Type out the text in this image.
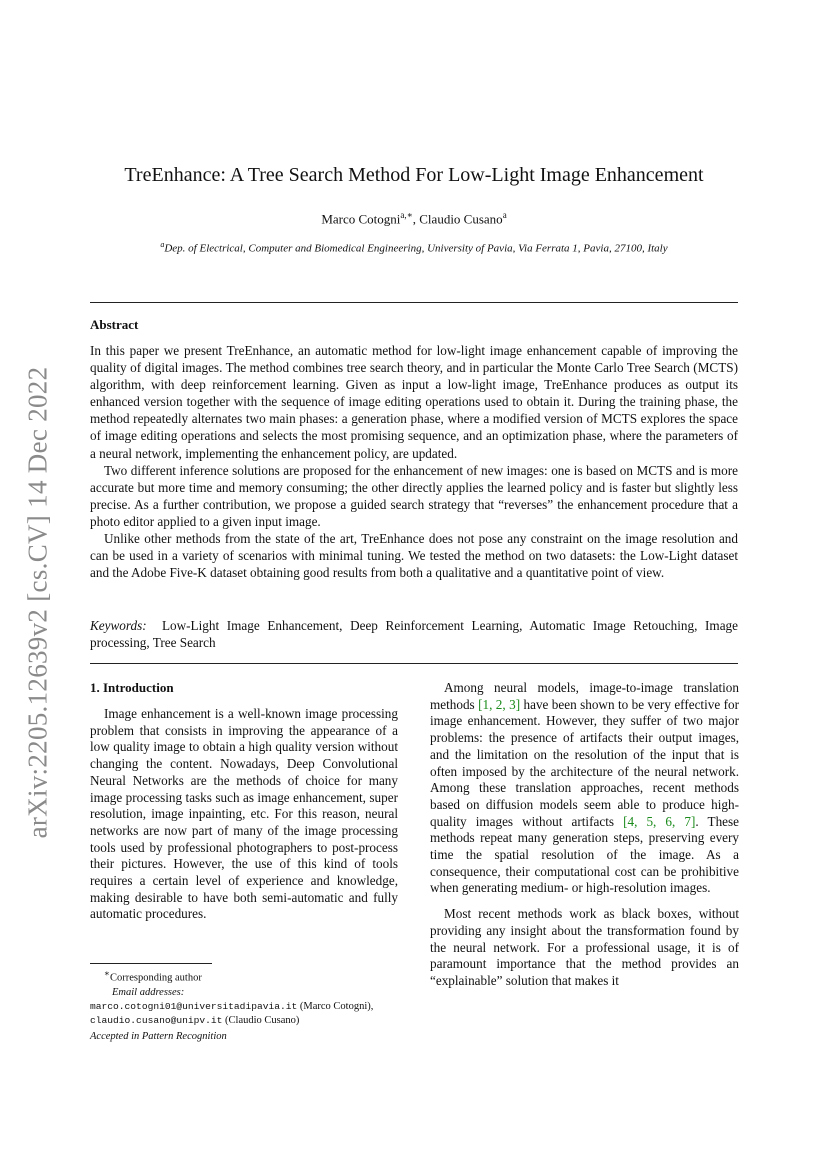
arXiv:2205.12639v2 [cs.CV] 14 Dec 2022
TreEnhance: A Tree Search Method For Low-Light Image Enhancement
Marco Cotogni$^{a,∗}$, Claudio Cusano$^a$
$^a$Dep. of Electrical, Computer and Biomedical Engineering, University of Pavia, Via Ferrata 1, Pavia, 27100, Italy
Abstract

In this paper we present TreEnhance, an automatic method for low-light image enhancement capable of improving the quality of digital images. The method combines tree search theory, and in particular the Monte Carlo Tree Search (MCTS) algorithm, with deep reinforcement learning. Given as input a low-light image, TreEnhance produces as output its enhanced version together with the sequence of image editing operations used to obtain it. During the training phase, the method repeatedly alternates two main phases: a generation phase, where a modified version of MCTS explores the space of image editing operations and selects the most promising sequence, and an optimization phase, where the parameters of a neural network, implementing the enhancement policy, are updated.

Two different inference solutions are proposed for the enhancement of new images: one is based on MCTS and is more accurate but more time and memory consuming; the other directly applies the learned policy and is faster but slightly less precise. As a further contribution, we propose a guided search strategy that “reverses” the enhancement procedure that a photo editor applied to a given input image.

Unlike other methods from the state of the art, TreEnhance does not pose any constraint on the image resolution and can be used in a variety of scenarios with minimal tuning. We tested the method on two datasets: the Low-Light dataset and the Adobe Five-K dataset obtaining good results from both a qualitative and a quantitative point of view.

Keywords: Low-Light Image Enhancement, Deep Reinforcement Learning, Automatic Image Retouching, Image processing, Tree Search
1. Introduction

Image enhancement is a well-known image processing problem that consists in improving the appearance of a low quality image to obtain a high quality version without changing the content. Nowadays, Deep Convolutional Neural Networks are the methods of choice for many image processing tasks such as image enhancement, super resolution, image inpainting, etc. For this reason, neural networks are now part of many of the image processing tools used by professional photographers to post-process their pictures. However, the use of this kind of tools requires a certain level of experience and knowledge, making desirable to have both semi-automatic and fully automatic procedures.

Among neural models, image-to-image translation methods [1, 2, 3] have been shown to be very effective for image enhancement. However, they suffer of two major problems: the presence of artifacts their output images, and the limitation on the resolution of the input that is often imposed by the architecture of the neural network. Among these translation approaches, recent methods based on diffusion models seem able to produce high-quality images without artifacts [4, 5, 6, 7]. These methods repeat many generation steps, preserving every time the spatial resolution of the image. As a consequence, their computational cost can be prohibitive when generating medium- or high-resolution images.

Most recent methods work as black boxes, without providing any insight about the transformation found by the neural network. For a professional usage, it is of paramount importance that the method provides an “explainable” solution that makes it

∗Corresponding author
Email addresses:
marco.cotogni01@universitadipavia.it (Marco Cotogni),
claudio.cusano@unipv.it (Claudio Cusano)
Accepted in Pattern Recognition
